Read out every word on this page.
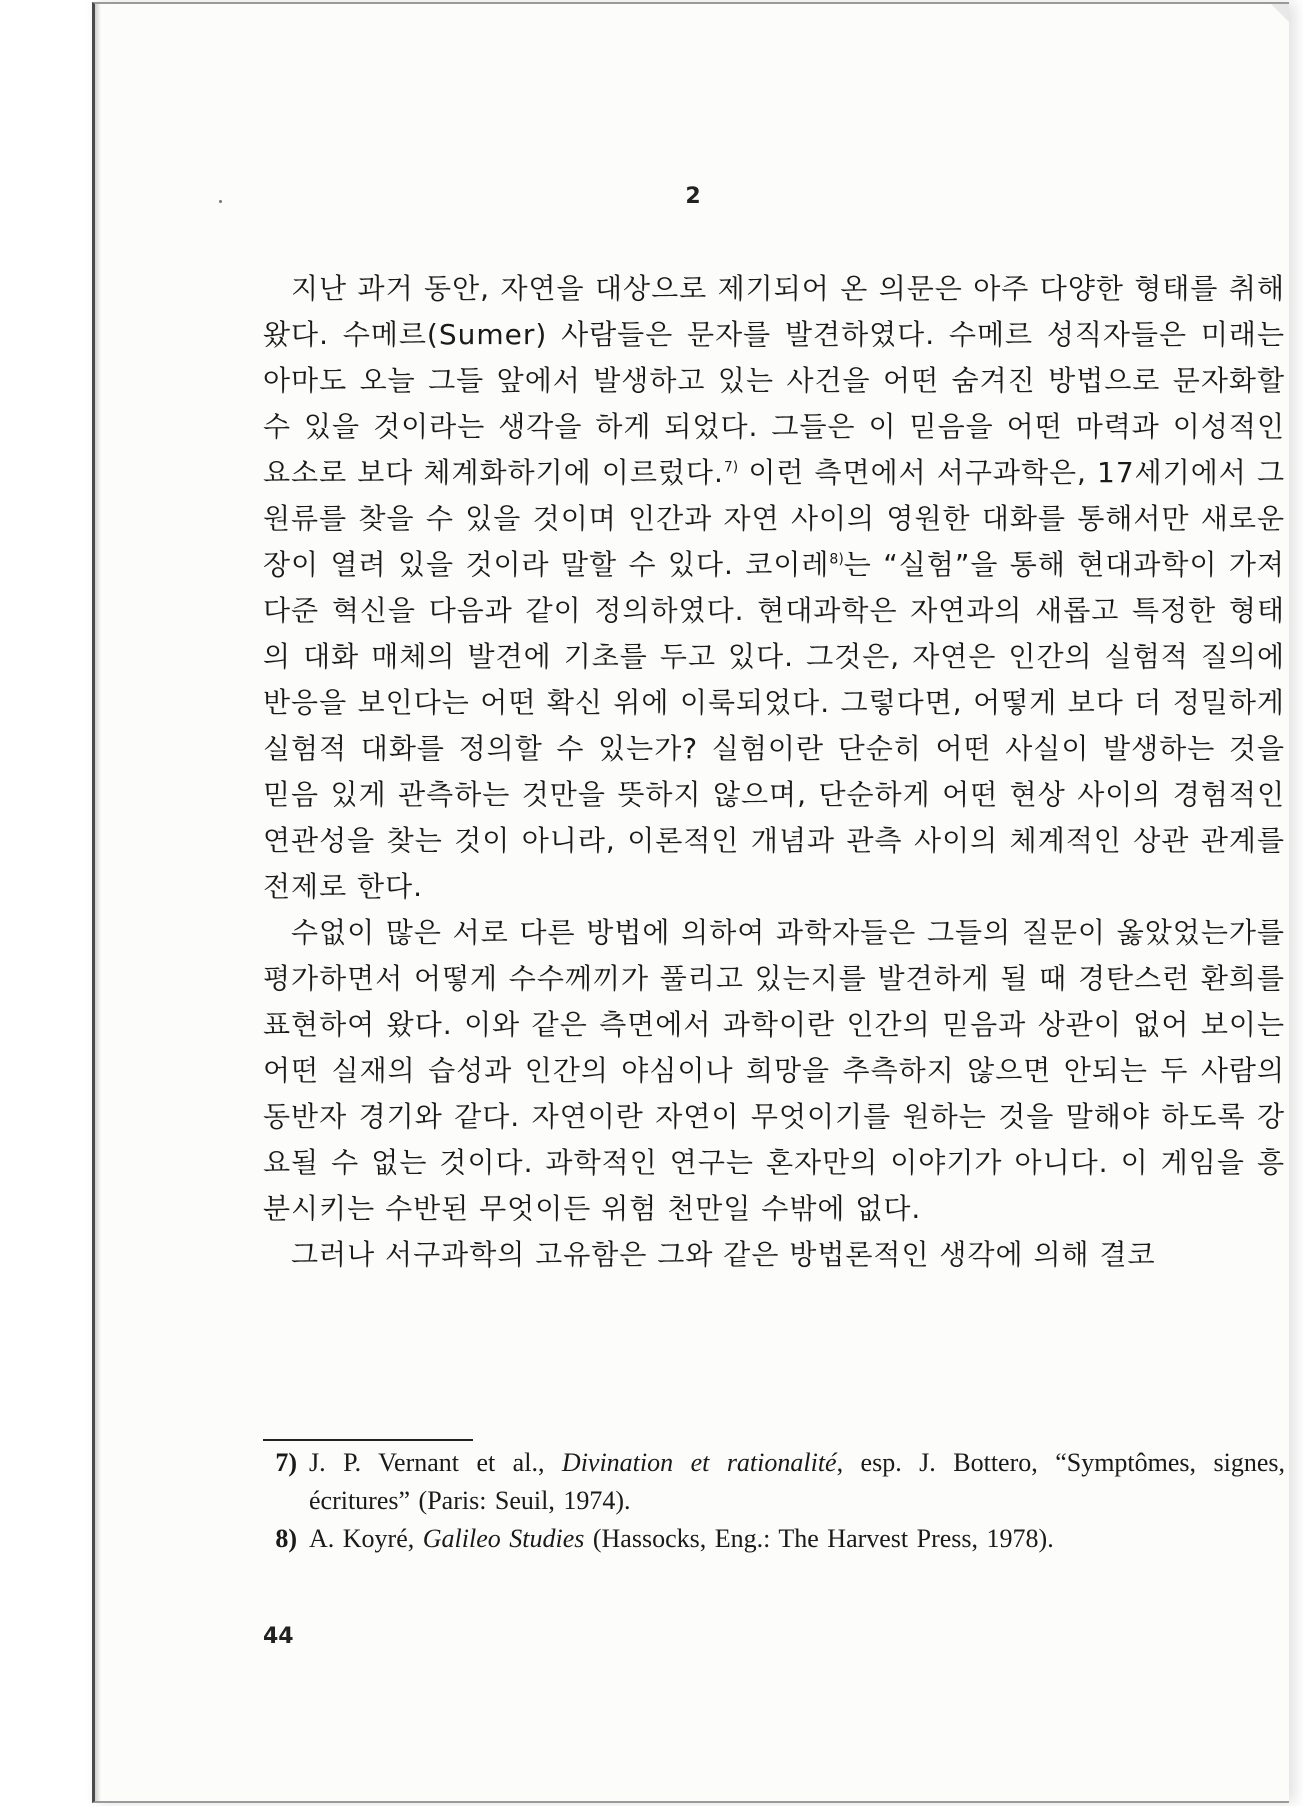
2

지난 과거 동안, 자연을 대상으로 제기되어 온 의문은 아주 다양한 형태를 취해 왔다. 수메르(Sumer) 사람들은 문자를 발견하였다. 수메르 성직자들은 미래는 아마도 오늘 그들 앞에서 발생하고 있는 사건을 어떤 숨겨진 방법으로 문자화할 수 있을 것이라는 생각을 하게 되었다. 그들은 이 믿음을 어떤 마력과 이성적인 요소로 보다 체계화하기에 이르렀다.$^{7)}$ 이런 측면에서 서구과학은, 17세기에서 그 원류를 찾을 수 있을 것이며 인간과 자연 사이의 영원한 대화를 통해서만 새로운 장이 열려 있을 것이라 말할 수 있다. 코이레$^{8)}$는 “실험”을 통해 현대과학이 가져다준 혁신을 다음과 같이 정의하였다. 현대과학은 자연과의 새롭고 특정한 형태의 대화 매체의 발견에 기초를 두고 있다. 그것은, 자연은 인간의 실험적 질의에 반응을 보인다는 어떤 확신 위에 이룩되었다. 그렇다면, 어떻게 보다 더 정밀하게 실험적 대화를 정의할 수 있는가? 실험이란 단순히 어떤 사실이 발생하는 것을 믿음 있게 관측하는 것만을 뜻하지 않으며, 단순하게 어떤 현상 사이의 경험적인 연관성을 찾는 것이 아니라, 이론적인 개념과 관측 사이의 체계적인 상관 관계를 전제로 한다.

수없이 많은 서로 다른 방법에 의하여 과학자들은 그들의 질문이 옳았었는가를 평가하면서 어떻게 수수께끼가 풀리고 있는지를 발견하게 될 때 경탄스런 환희를 표현하여 왔다. 이와 같은 측면에서 과학이란 인간의 믿음과 상관이 없어 보이는 어떤 실재의 습성과 인간의 야심이나 희망을 추측하지 않으면 안되는 두 사람의 동반자 경기와 같다. 자연이란 자연이 무엇이기를 원하는 것을 말해야 하도록 강요될 수 없는 것이다. 과학적인 연구는 혼자만의 이야기가 아니다. 이 게임을 흥분시키는 수반된 무엇이든 위험 천만일 수밖에 없다.

그러나 서구과학의 고유함은 그와 같은 방법론적인 생각에 의해 결코

7) J. P. Vernant et al., Divination et rationalité, esp. J. Bottero, “Symptômes, signes, écritures” (Paris: Seuil, 1974).
8) A. Koyré, Galileo Studies (Hassocks, Eng.: The Harvest Press, 1978).
44
